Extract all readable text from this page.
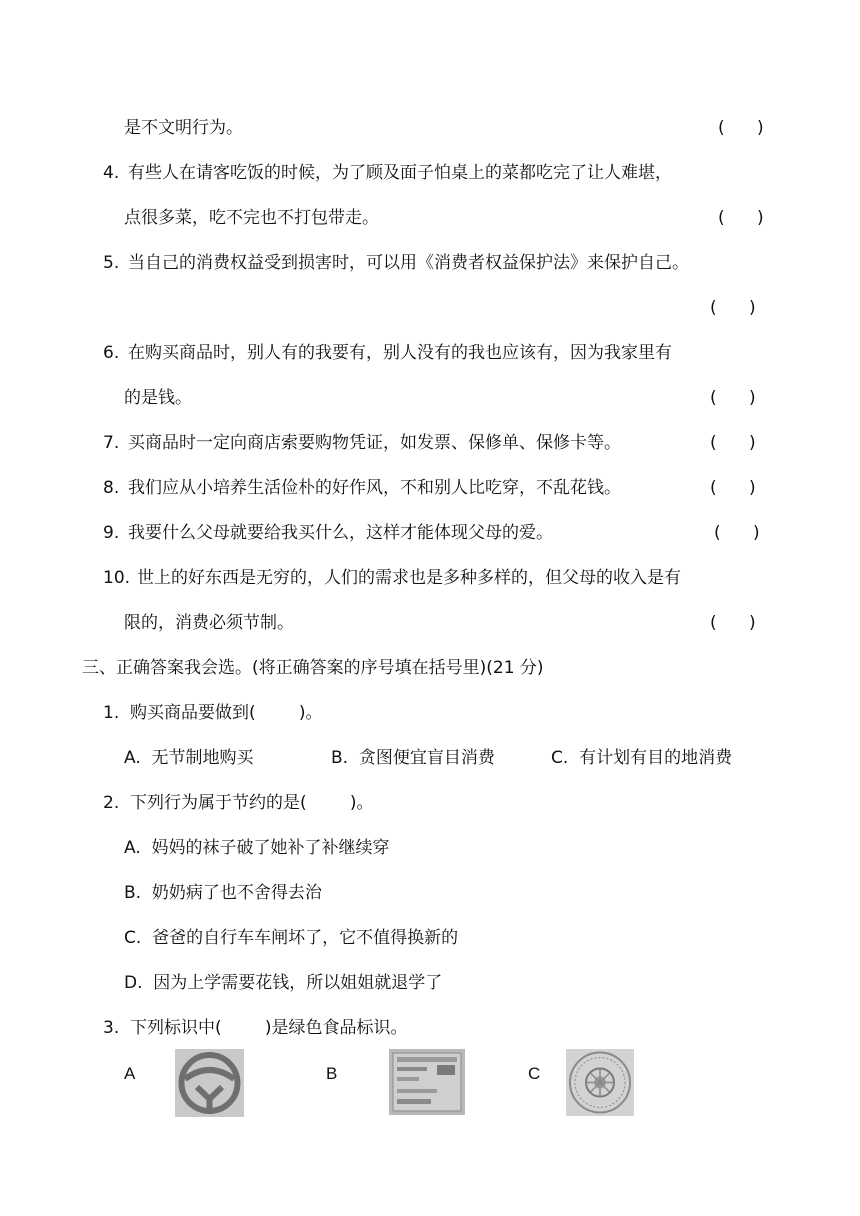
是不文明行为。	(      )
4. 有些人在请客吃饭的时候，为了顾及面子怕桌上的菜都吃完了让人难堪，
点很多菜，吃不完也不打包带走。	(      )
5. 当自己的消费权益受到损害时，可以用《消费者权益保护法》来保护自己。
(      )
6. 在购买商品时，别人有的我要有，别人没有的我也应该有，因为我家里有
的是钱。	(      )
7. 买商品时一定向商店索要购物凭证，如发票、保修单、保修卡等。	(      )
8. 我们应从小培养生活俭朴的好作风，不和别人比吃穿，不乱花钱。	(      )
9. 我要什么父母就要给我买什么，这样才能体现父母的爱。	(      )
10. 世上的好东西是无穷的，人们的需求也是多种多样的，但父母的收入是有
限的，消费必须节制。	(      )
三、正确答案我会选。(将正确答案的序号填在括号里)(21 分)
1.  购买商品要做到(        )。
A.  无节制地购买	B.  贪图便宜盲目消费	C.  有计划有目的地消费
2.  下列行为属于节约的是(        )。
A.  妈妈的袜子破了她补了补继续穿
B.  奶奶病了也不舍得去治
C.  爸爸的自行车车闸坏了，它不值得换新的
D.  因为上学需要花钱，所以姐姐就退学了
3.  下列标识中(        )是绿色食品标识。
A	B	C
